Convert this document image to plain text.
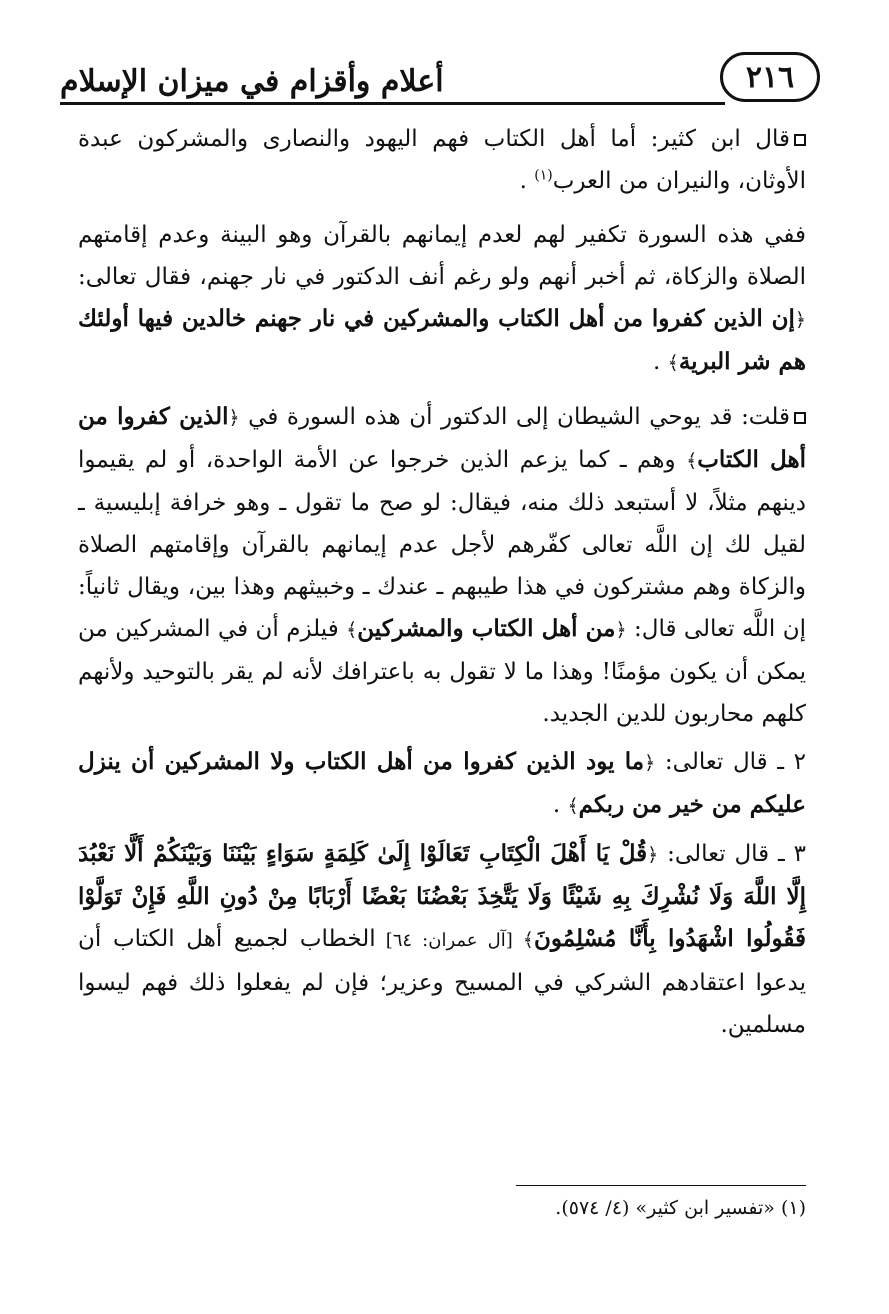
أعلام وأقزام في ميزان الإسلام	٢١٦

قال ابن كثير: أما أهل الكتاب فهم اليهود والنصارى والمشركون عبدة الأوثان، والنيران من العرب$^{(١)}$ .

ففي هذه السورة تكفير لهم لعدم إيمانهم بالقرآن وهو البينة وعدم إقامتهم الصلاة والزكاة، ثم أخبر أنهم ولو رغم أنف الدكتور في نار جهنم، فقال تعالى: ﴿إن الذين كفروا من أهل الكتاب والمشركين في نار جهنم خالدين فيها أولئك هم شر البرية﴾ .

قلت: قد يوحي الشيطان إلى الدكتور أن هذه السورة في ﴿الذين كفروا من أهل الكتاب﴾ وهم ـ كما يزعم الذين خرجوا عن الأمة الواحدة، أو لم يقيموا دينهم مثلاً، لا أستبعد ذلك منه، فيقال: لو صح ما تقول ـ وهو خرافة إبليسية ـ لقيل لك إن اللَّه تعالى كفّرهم لأجل عدم إيمانهم بالقرآن وإقامتهم الصلاة والزكاة وهم مشتركون في هذا طيبهم ـ عندك ـ وخبيثهم وهذا بين، ويقال ثانياً: إن اللَّه تعالى قال: ﴿من أهل الكتاب والمشركين﴾ فيلزم أن في المشركين من يمكن أن يكون مؤمنًا! وهذا ما لا تقول به باعترافك لأنه لم يقر بالتوحيد ولأنهم كلهم محاربون للدين الجديد.

٢ ـ قال تعالى: ﴿ما يود الذين كفروا من أهل الكتاب ولا المشركين أن ينزل عليكم من خير من ربكم﴾ .

٣ ـ قال تعالى: ﴿قُلْ يَا أَهْلَ الْكِتَابِ تَعَالَوْا إِلَىٰ كَلِمَةٍ سَوَاءٍ بَيْنَنَا وَبَيْنَكُمْ أَلَّا نَعْبُدَ إِلَّا اللَّهَ وَلَا نُشْرِكَ بِهِ شَيْئًا وَلَا يَتَّخِذَ بَعْضُنَا بَعْضًا أَرْبَابًا مِنْ دُونِ اللَّهِ فَإِنْ تَوَلَّوْا فَقُولُوا اشْهَدُوا بِأَنَّا مُسْلِمُونَ﴾ [آل عمران: ٦٤] الخطاب لجميع أهل الكتاب أن يدعوا اعتقادهم الشركي في المسيح وعزير؛ فإن لم يفعلوا ذلك فهم ليسوا مسلمين.

(١) «تفسير ابن كثير» (٤/ ٥٧٤).
